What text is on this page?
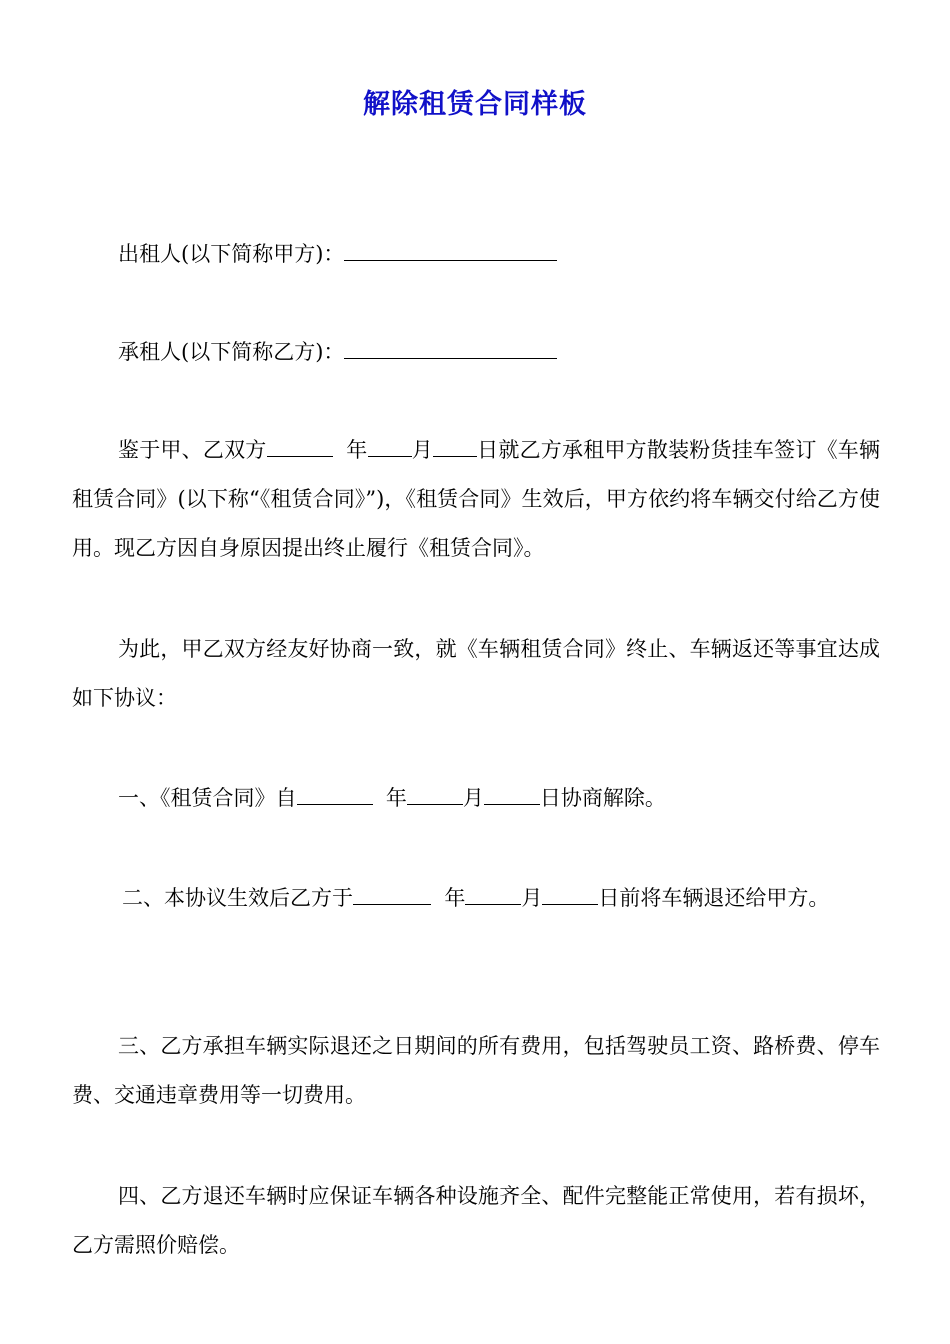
解除租赁合同样板
出租人(以下简称甲方)：
承租人(以下简称乙方)：
鉴于甲、乙双方	年 月 日就乙方承租甲方散装粉货挂车签订《车辆租赁合同》(以下称“《租赁合同》”)，《租赁合同》生效后，甲方依约将车辆交付给乙方使用。现乙方因自身原因提出终止履行《租赁合同》。
为此，甲乙双方经友好协商一致，就《车辆租赁合同》终止、车辆返还等事宜达成如下协议：
一、《租赁合同》自	年	月	日协商解除。
二、本协议生效后乙方于	年	月	日前将车辆退还给甲方。
三、乙方承担车辆实际退还之日期间的所有费用，包括驾驶员工资、路桥费、停车费、交通违章费用等一切费用。
四、乙方退还车辆时应保证车辆各种设施齐全、配件完整能正常使用，若有损坏，乙方需照价赔偿。
